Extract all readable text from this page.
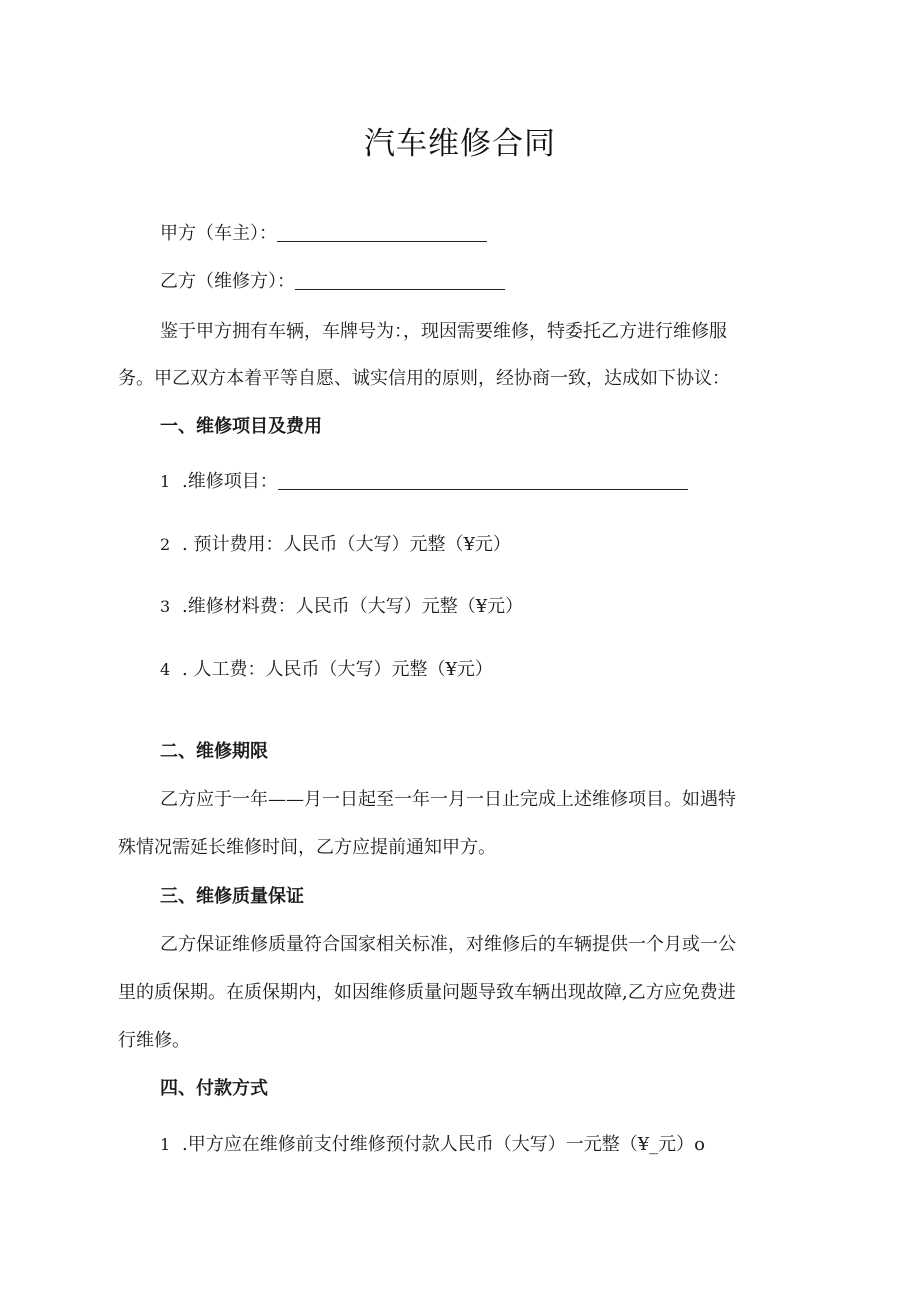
汽车维修合同
甲方（车主）：
乙方（维修方）：
鉴于甲方拥有车辆，车牌号为：，现因需要维修，特委托乙方进行维修服
务。甲乙双方本着平等自愿、诚实信用的原则，经协商一致，达成如下协议：
一、维修项目及费用
1 .维修项目：
2 . 预计费用：人民币（大写）元整（¥元）
3 .维修材料费：人民币（大写）元整（¥元）
4 . 人工费：人民币（大写）元整（¥元）
二、维修期限
乙方应于一年——月一日起至一年一月一日止完成上述维修项目。如遇特
殊情况需延长维修时间，乙方应提前通知甲方。
三、维修质量保证
乙方保证维修质量符合国家相关标准，对维修后的车辆提供一个月或一公
里的质保期。在质保期内，如因维修质量问题导致车辆出现故障,乙方应免费进
行维修。
四、付款方式
1 .甲方应在维修前支付维修预付款人民币（大写）一元整（¥_元）o
